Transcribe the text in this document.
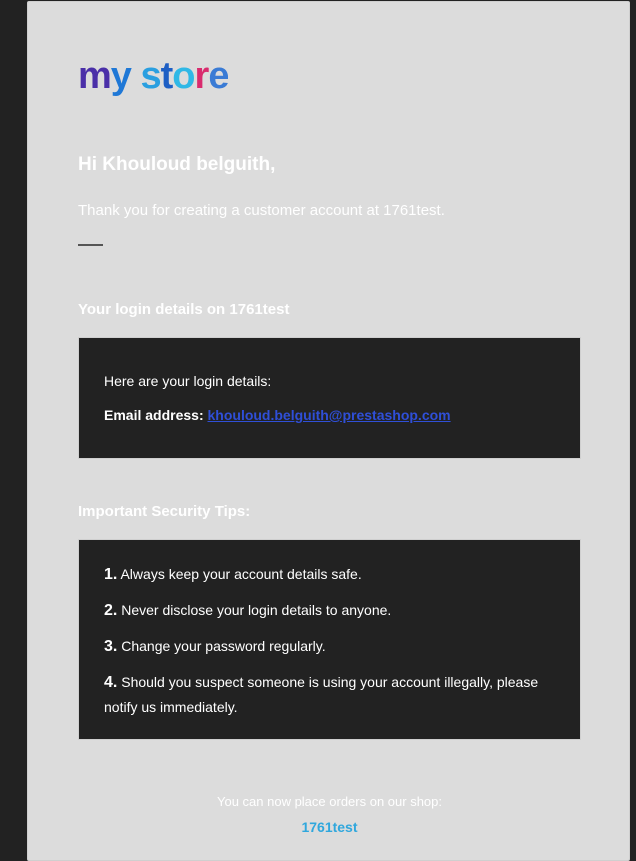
my store
Hi Khouloud belguith,

Thank you for creating a customer account at 1761test.

Your login details on 1761test
Here are your login details:
Email address: khouloud.belguith@prestashop.com
Important Security Tips:
1. Always keep your account details safe.
2. Never disclose your login details to anyone.
3. Change your password regularly.
4. Should you suspect someone is using your account illegally, please notify us immediately.

You can now place orders on our shop:

1761test
